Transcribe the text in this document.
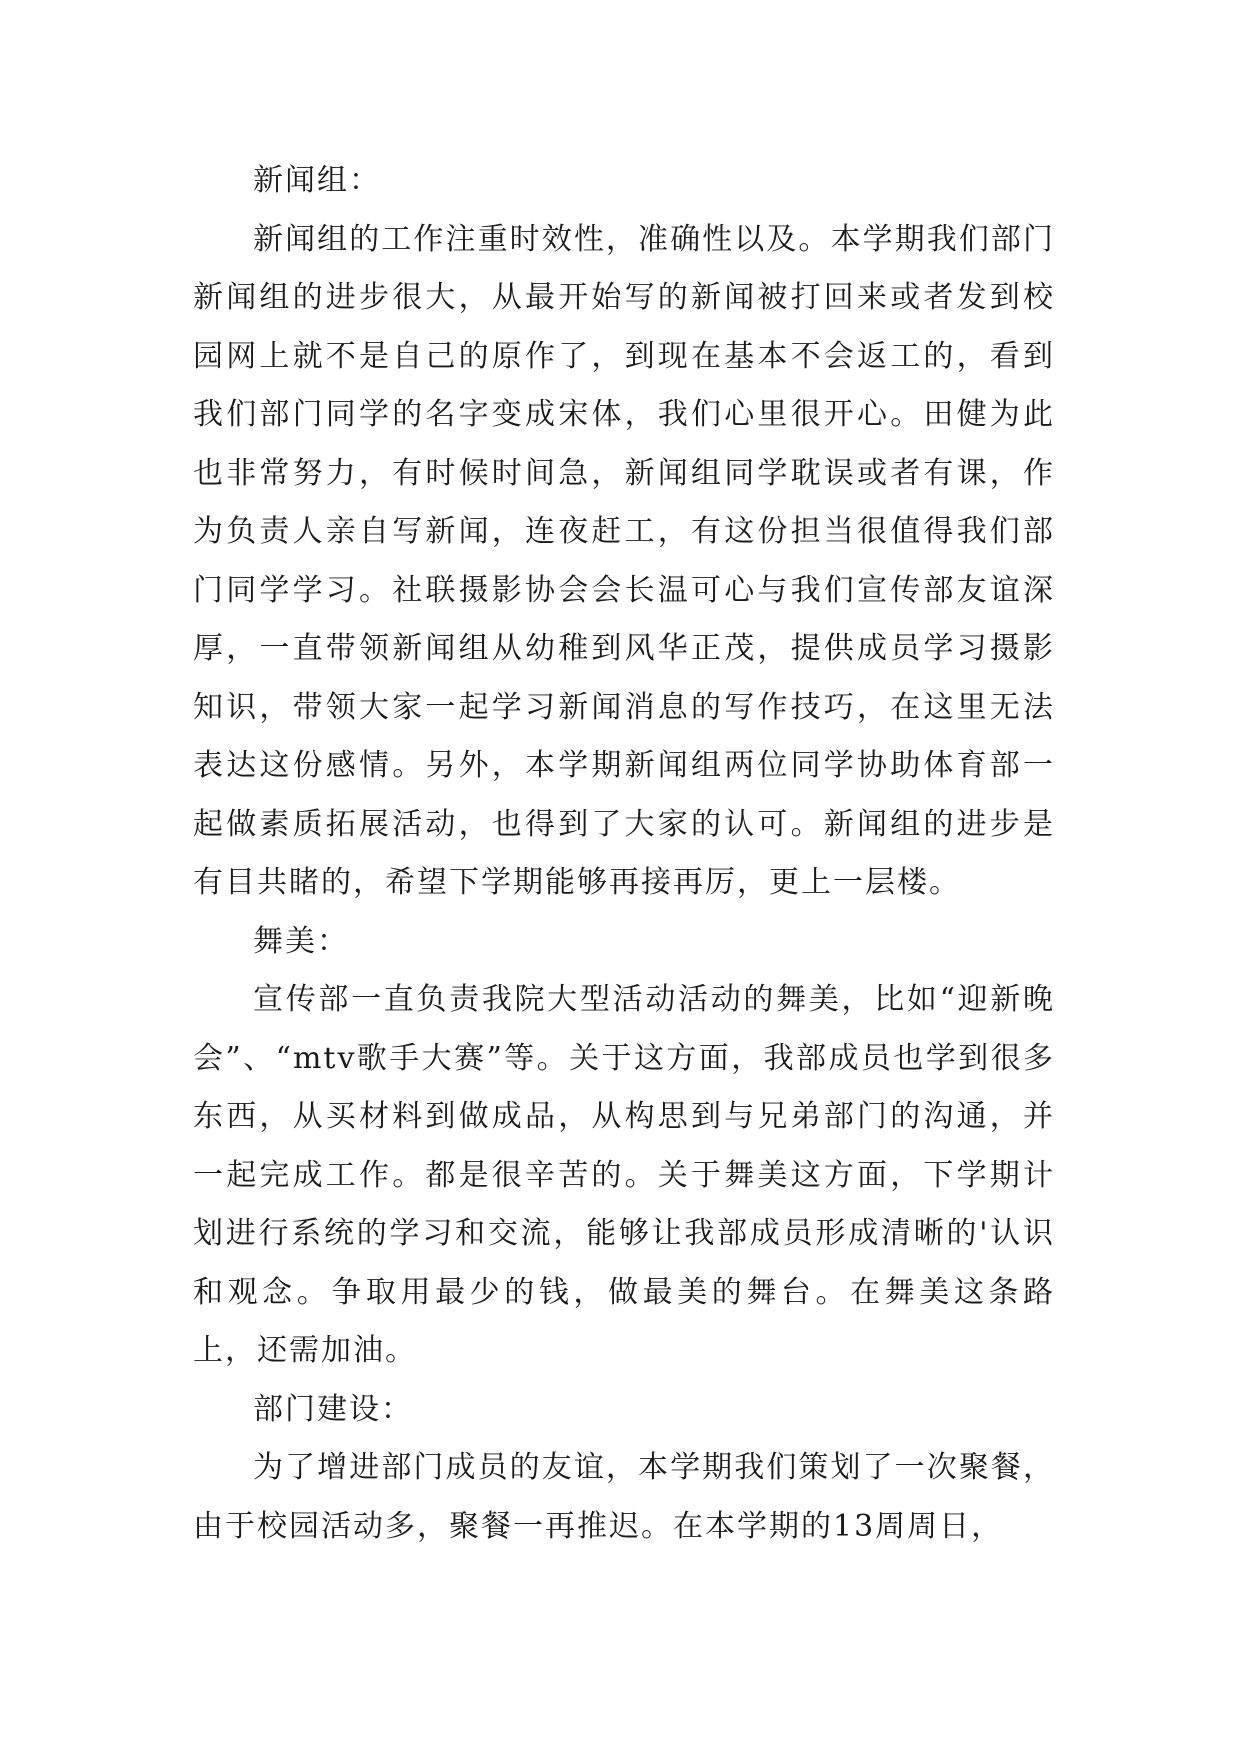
新闻组：

新闻组的工作注重时效性，准确性以及。本学期我们部门新闻组的进步很大，从最开始写的新闻被打回来或者发到校园网上就不是自己的原作了，到现在基本不会返工的，看到我们部门同学的名字变成宋体，我们心里很开心。田健为此也非常努力，有时候时间急，新闻组同学耽误或者有课，作为负责人亲自写新闻，连夜赶工，有这份担当很值得我们部门同学学习。社联摄影协会会长温可心与我们宣传部友谊深厚，一直带领新闻组从幼稚到风华正茂，提供成员学习摄影知识，带领大家一起学习新闻消息的写作技巧，在这里无法表达这份感情。另外，本学期新闻组两位同学协助体育部一起做素质拓展活动，也得到了大家的认可。新闻组的进步是有目共睹的，希望下学期能够再接再厉，更上一层楼。

舞美：

宣传部一直负责我院大型活动活动的舞美，比如“迎新晚会”、“mtv歌手大赛”等。关于这方面，我部成员也学到很多东西，从买材料到做成品，从构思到与兄弟部门的沟通，并一起完成工作。都是很辛苦的。关于舞美这方面，下学期计划进行系统的学习和交流，能够让我部成员形成清晰的'认识和观念。争取用最少的钱，做最美的舞台。在舞美这条路上，还需加油。

部门建设：

为了增进部门成员的友谊，本学期我们策划了一次聚餐，由于校园活动多，聚餐一再推迟。在本学期的13周周日，
